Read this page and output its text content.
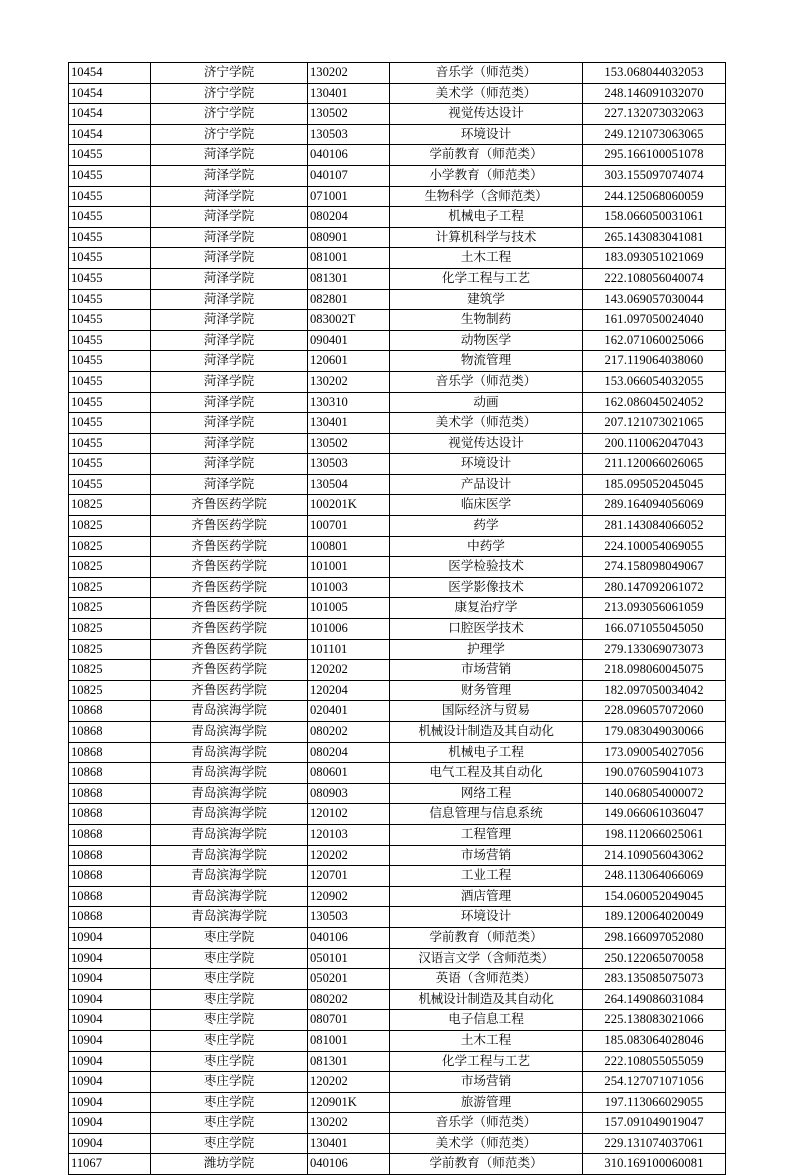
10454	济宁学院	130202	音乐学（师范类）	153.068044032053
10454	济宁学院	130401	美术学（师范类）	248.146091032070
10454	济宁学院	130502	视觉传达设计	227.132073032063
10454	济宁学院	130503	环境设计	249.121073063065
10455	菏泽学院	040106	学前教育（师范类）	295.166100051078
10455	菏泽学院	040107	小学教育（师范类）	303.155097074074
10455	菏泽学院	071001	生物科学（含师范类）	244.125068060059
10455	菏泽学院	080204	机械电子工程	158.066050031061
10455	菏泽学院	080901	计算机科学与技术	265.143083041081
10455	菏泽学院	081001	土木工程	183.093051021069
10455	菏泽学院	081301	化学工程与工艺	222.108056040074
10455	菏泽学院	082801	建筑学	143.069057030044
10455	菏泽学院	083002T	生物制药	161.097050024040
10455	菏泽学院	090401	动物医学	162.071060025066
10455	菏泽学院	120601	物流管理	217.119064038060
10455	菏泽学院	130202	音乐学（师范类）	153.066054032055
10455	菏泽学院	130310	动画	162.086045024052
10455	菏泽学院	130401	美术学（师范类）	207.121073021065
10455	菏泽学院	130502	视觉传达设计	200.110062047043
10455	菏泽学院	130503	环境设计	211.120066026065
10455	菏泽学院	130504	产品设计	185.095052045045
10825	齐鲁医药学院	100201K	临床医学	289.164094056069
10825	齐鲁医药学院	100701	药学	281.143084066052
10825	齐鲁医药学院	100801	中药学	224.100054069055
10825	齐鲁医药学院	101001	医学检验技术	274.158098049067
10825	齐鲁医药学院	101003	医学影像技术	280.147092061072
10825	齐鲁医药学院	101005	康复治疗学	213.093056061059
10825	齐鲁医药学院	101006	口腔医学技术	166.071055045050
10825	齐鲁医药学院	101101	护理学	279.133069073073
10825	齐鲁医药学院	120202	市场营销	218.098060045075
10825	齐鲁医药学院	120204	财务管理	182.097050034042
10868	青岛滨海学院	020401	国际经济与贸易	228.096057072060
10868	青岛滨海学院	080202	机械设计制造及其自动化	179.083049030066
10868	青岛滨海学院	080204	机械电子工程	173.090054027056
10868	青岛滨海学院	080601	电气工程及其自动化	190.076059041073
10868	青岛滨海学院	080903	网络工程	140.068054000072
10868	青岛滨海学院	120102	信息管理与信息系统	149.066061036047
10868	青岛滨海学院	120103	工程管理	198.112066025061
10868	青岛滨海学院	120202	市场营销	214.109056043062
10868	青岛滨海学院	120701	工业工程	248.113064066069
10868	青岛滨海学院	120902	酒店管理	154.060052049045
10868	青岛滨海学院	130503	环境设计	189.120064020049
10904	枣庄学院	040106	学前教育（师范类）	298.166097052080
10904	枣庄学院	050101	汉语言文学（含师范类）	250.122065070058
10904	枣庄学院	050201	英语（含师范类）	283.135085075073
10904	枣庄学院	080202	机械设计制造及其自动化	264.149086031084
10904	枣庄学院	080701	电子信息工程	225.138083021066
10904	枣庄学院	081001	土木工程	185.083064028046
10904	枣庄学院	081301	化学工程与工艺	222.108055055059
10904	枣庄学院	120202	市场营销	254.127071071056
10904	枣庄学院	120901K	旅游管理	197.113066029055
10904	枣庄学院	130202	音乐学（师范类）	157.091049019047
10904	枣庄学院	130401	美术学（师范类）	229.131074037061
11067	潍坊学院	040106	学前教育（师范类）	310.169100060081
